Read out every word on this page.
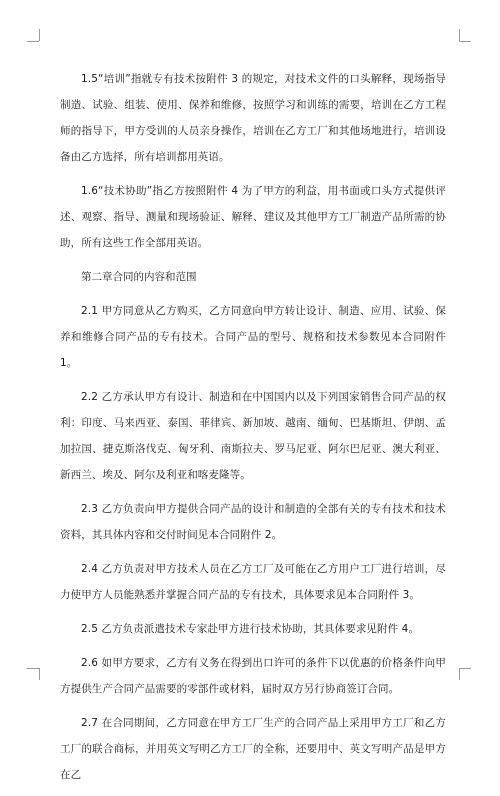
1.5“培训”指就专有技术按附件 3 的规定，对技术文件的口头解释，现场指导制造、试验、组装、使用、保养和维修，按照学习和训练的需要，培训在乙方工程师的指导下，甲方受训的人员亲身操作，培训在乙方工厂和其他场地进行，培训设备由乙方选择，所有培训都用英语。

1.6“技术协助”指乙方按照附件 4 为了甲方的利益，用书面或口头方式提供评述、观察、指导、测量和现场验证、解释、建议及其他甲方工厂制造产品所需的协助，所有这些工作全部用英语。

第二章合同的内容和范围

2.1 甲方同意从乙方购买，乙方同意向甲方转让设计、制造、应用、试验、保养和维修合同产品的专有技术。合同产品的型号、规格和技术参数见本合同附件 1。

2.2 乙方承认甲方有设计、制造和在中国国内以及下列国家销售合同产品的权利：印度、马来西亚、泰国、菲律宾、新加坡、越南、缅甸、巴基斯坦、伊朗、孟加拉国、捷克斯洛伐克、匈牙利、南斯拉夫、罗马尼亚、阿尔巴尼亚、澳大利亚、新西兰、埃及、阿尔及利亚和喀麦隆等。

2.3 乙方负责向甲方提供合同产品的设计和制造的全部有关的专有技术和技术资料，其具体内容和交付时间见本合同附件 2。

2.4 乙方负责对甲方技术人员在乙方工厂及可能在乙方用户工厂进行培训，尽力使甲方人员能熟悉并掌握合同产品的专有技术，具体要求见本合同附件 3。

2.5 乙方负责派遣技术专家赴甲方进行技术协助，其具体要求见附件 4。

2.6 如甲方要求，乙方有义务在得到出口许可的条件下以优惠的价格条件向甲方提供生产合同产品需要的零部件或材料，届时双方另行协商签订合同。

2.7 在合同期间，乙方同意在甲方工厂生产的合同产品上采用甲方工厂和乙方工厂的联合商标，并用英文写明乙方工厂的全称，还要用中、英文写明产品是甲方在乙
